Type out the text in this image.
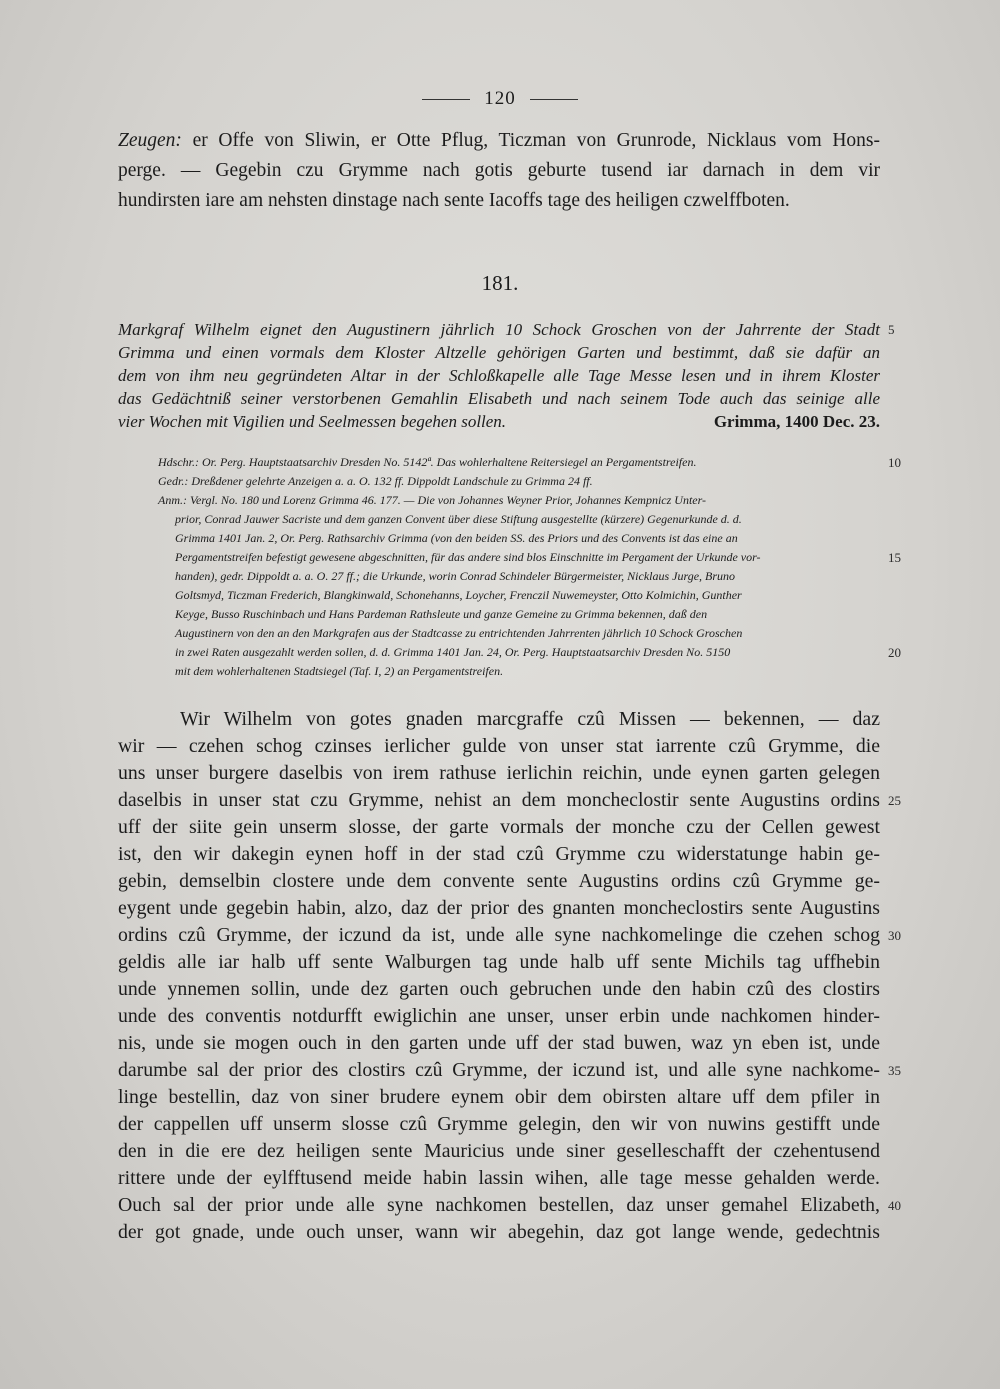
120
Zeugen: er Offe von Sliwin, er Otte Pflug, Ticzman von Grunrode, Nicklaus vom Hons-
perge. — Gegebin czu Grymme nach gotis geburte tusend iar darnach in dem vir
hundirsten iare am nehsten dinstage nach sente Iacoffs tage des heiligen czwelffboten.
181.
Markgraf Wilhelm eignet den Augustinern jährlich 10 Schock Groschen von der Jahrrente der Stadt
Grimma und einen vormals dem Kloster Altzelle gehörigen Garten und bestimmt, daß sie dafür an
dem von ihm neu gegründeten Altar in der Schloßkapelle alle Tage Messe lesen und in ihrem Kloster
das Gedächtniß seiner verstorbenen Gemahlin Elisabeth und nach seinem Tode auch das seinige alle
vier Wochen mit Vigilien und Seelmessen begehen sollen.	Grimma, 1400 Dec. 23.
Hdschr.: Or. Perg. Hauptstaatsarchiv Dresden No. 5142ª. Das wohlerhaltene Reitersiegel an Pergamentstreifen.
Gedr.: Dreßdener gelehrte Anzeigen a. a. O. 132 ff. Dippoldt Landschule zu Grimma 24 ff.
Anm.: Vergl. No. 180 und Lorenz Grimma 46. 177. — Die von Johannes Weyner Prior, Johannes Kempnicz Unter-
prior, Conrad Jauwer Sacriste und dem ganzen Convent über diese Stiftung ausgestellte (kürzere) Gegenurkunde d. d.
Grimma 1401 Jan. 2, Or. Perg. Rathsarchiv Grimma (von den beiden SS. des Priors und des Convents ist das eine an
Pergamentstreifen befestigt gewesene abgeschnitten, für das andere sind blos Einschnitte im Pergament der Urkunde vor-
handen), gedr. Dippoldt a. a. O. 27 ff.; die Urkunde, worin Conrad Schindeler Bürgermeister, Nicklaus Jurge, Bruno
Goltsmyd, Ticzman Frederich, Blangkinwald, Schonehanns, Loycher, Frenczil Nuwemeyster, Otto Kolmichin, Gunther
Keyge, Busso Ruschinbach und Hans Pardeman Rathsleute und ganze Gemeine zu Grimma bekennen, daß den
Augustinern von den an den Markgrafen aus der Stadtcasse zu entrichtenden Jahrrenten jährlich 10 Schock Groschen
in zwei Raten ausgezahlt werden sollen, d. d. Grimma 1401 Jan. 24, Or. Perg. Hauptstaatsarchiv Dresden No. 5150
mit dem wohlerhaltenen Stadtsiegel (Taf. I, 2) an Pergamentstreifen.
Wir Wilhelm von gotes gnaden marcgraffe czû Missen — bekennen, — daz
wir — czehen schog czinses ierlicher gulde von unser stat iarrente czû Grymme, die
uns unser burgere daselbis von irem rathuse ierlichin reichin, unde eynen garten gelegen
daselbis in unser stat czu Grymme, nehist an dem moncheclostir sente Augustins ordins
uff der siite gein unserm slosse, der garte vormals der monche czu der Cellen gewest
ist, den wir dakegin eynen hoff in der stad czû Grymme czu widerstatunge habin ge-
gebin, demselbin clostere unde dem convente sente Augustins ordins czû Grymme ge-
eygent unde gegebin habin, alzo, daz der prior des gnanten moncheclostirs sente Augustins
ordins czû Grymme, der iczund da ist, unde alle syne nachkomelinge die czehen schog
geldis alle iar halb uff sente Walburgen tag unde halb uff sente Michils tag uffhebin
unde ynnemen sollin, unde dez garten ouch gebruchen unde den habin czû des clostirs
unde des conventis notdurfft ewiglichin ane unser, unser erbin unde nachkomen hinder-
nis, unde sie mogen ouch in den garten unde uff der stad buwen, waz yn eben ist, unde
darumbe sal der prior des clostirs czû Grymme, der iczund ist, und alle syne nachkome-
linge bestellin, daz von siner brudere eynem obir dem obirsten altare uff dem pfiler in
der cappellen uff unserm slosse czû Grymme gelegin, den wir von nuwins gestifft unde
den in die ere dez heiligen sente Mauricius unde siner geselleschafft der czehentusend
rittere unde der eylfftusend meide habin lassin wihen, alle tage messe gehalden werde.
Ouch sal der prior unde alle syne nachkomen bestellen, daz unser gemahel Elizabeth,
der got gnade, unde ouch unser, wann wir abegehin, daz got lange wende, gedechtnis
5
10
15
20
25
30
35
40
